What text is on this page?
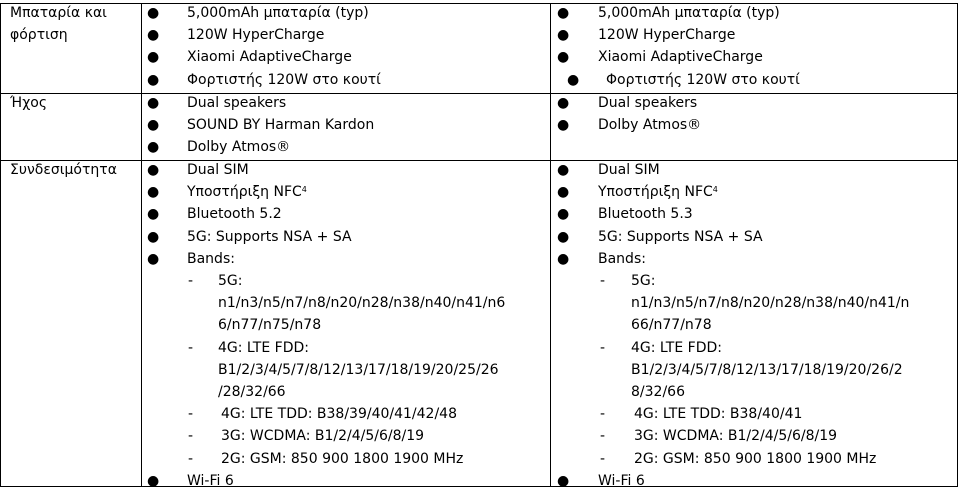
Μπαταρία και
φόρτιση
● 5,000mAh μπαταρία (typ)
● 120W HyperCharge
● Xiaomi AdaptiveCharge
● Φορτιστής 120W στο κουτί
● 5,000mAh μπαταρία (typ)
● 120W HyperCharge
● Xiaomi AdaptiveCharge
● Φορτιστής 120W στο κουτί
Ήχος	● Dual speakers
● SOUND BY Harman Kardon
● Dolby Atmos®
● Dual speakers
● Dolby Atmos®
Συνδεσιμότητα ● Dual SIM
● Υποστήριξη NFC$^4$
● Bluetooth 5.2
● 5G: Supports NSA + SA
● Bands:
- 5G:
n1/n3/n5/n7/n8/n20/n28/n38/n40/n41/n6
6/n77/n75/n78
- 4G: LTE FDD:
B1/2/3/4/5/7/8/12/13/17/18/19/20/25/26
/28/32/66
- 4G: LTE TDD: B38/39/40/41/42/48
- 3G: WCDMA: B1/2/4/5/6/8/19
- 2G: GSM: 850 900 1800 1900 MHz
● Wi-Fi 6
● Dual SIM
● Υποστήριξη NFC$^4$
● Bluetooth 5.3
● 5G: Supports NSA + SA
● Bands:
- 5G:
n1/n3/n5/n7/n8/n20/n28/n38/n40/n41/n
66/n77/n78
- 4G: LTE FDD:
B1/2/3/4/5/7/8/12/13/17/18/19/20/26/2
8/32/66
- 4G: LTE TDD: B38/40/41
- 3G: WCDMA: B1/2/4/5/6/8/19
- 2G: GSM: 850 900 1800 1900 MHz
● Wi-Fi 6
